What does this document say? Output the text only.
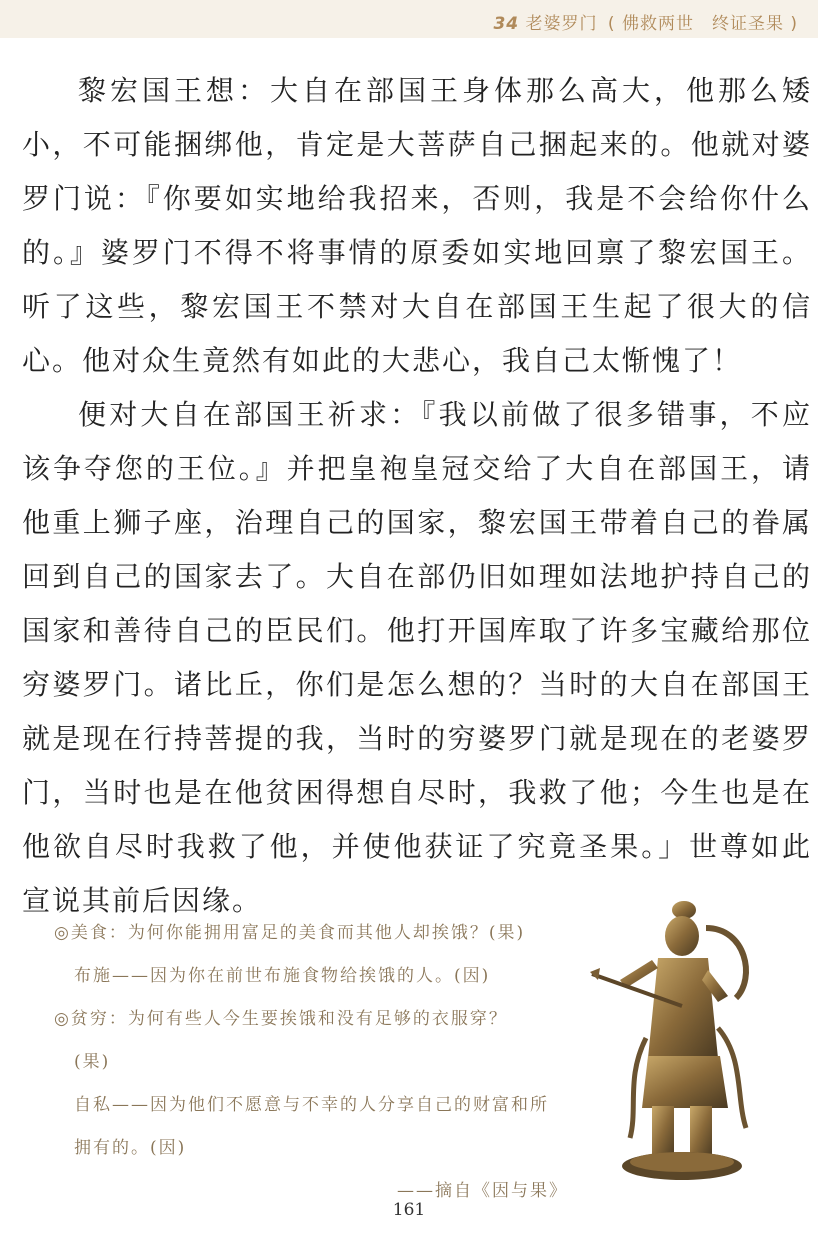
34 老婆罗门 ( 佛救两世　终证圣果 )

黎宏国王想：大自在部国王身体那么高大，他那么矮小，不可能捆绑他，肯定是大菩萨自己捆起来的。他就对婆罗门说：『你要如实地给我招来，否则，我是不会给你什么的。』婆罗门不得不将事情的原委如实地回禀了黎宏国王。听了这些，黎宏国王不禁对大自在部国王生起了很大的信心。他对众生竟然有如此的大悲心，我自己太惭愧了！

便对大自在部国王祈求：『我以前做了很多错事，不应该争夺您的王位。』并把皇袍皇冠交给了大自在部国王，请他重上狮子座，治理自己的国家，黎宏国王带着自己的眷属回到自己的国家去了。大自在部仍旧如理如法地护持自己的国家和善待自己的臣民们。他打开国库取了许多宝藏给那位穷婆罗门。诸比丘，你们是怎么想的？当时的大自在部国王就是现在行持菩提的我，当时的穷婆罗门就是现在的老婆罗门，当时也是在他贫困得想自尽时，我救了他；今生也是在他欲自尽时我救了他，并使他获证了究竟圣果。」世尊如此宣说其前后因缘。

◎美食：为何你能拥用富足的美食而其他人却挨饿？(果)
布施——因为你在前世布施食物给挨饿的人。(因)
◎贫穷：为何有些人今生要挨饿和没有足够的衣服穿？
(果)
自私——因为他们不愿意与不幸的人分享自己的财富和所
拥有的。(因)
——摘自《因与果》
161
